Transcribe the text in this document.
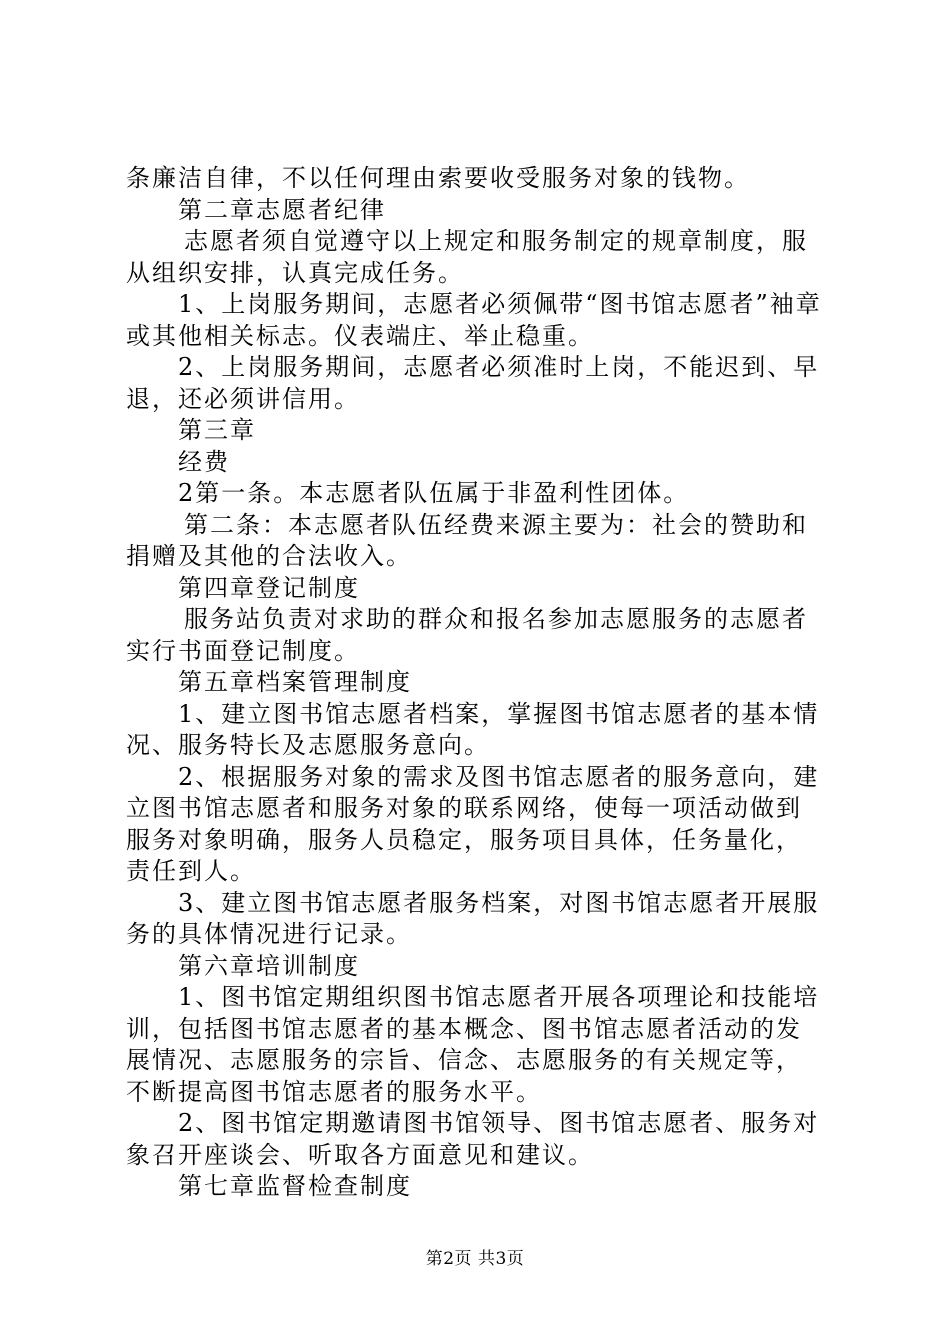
条廉洁自律，不以任何理由索要收受服务对象的钱物。

第二章志愿者纪律

志愿者须自觉遵守以上规定和服务制定的规章制度，服从组织安排，认真完成任务。

1、上岗服务期间，志愿者必须佩带“图书馆志愿者”袖章或其他相关标志。仪表端庄、举止稳重。

2、上岗服务期间，志愿者必须准时上岗，不能迟到、早退，还必须讲信用。

第三章

经费

2第一条。本志愿者队伍属于非盈利性团体。

第二条：本志愿者队伍经费来源主要为：社会的赞助和捐赠及其他的合法收入。

第四章登记制度

服务站负责对求助的群众和报名参加志愿服务的志愿者实行书面登记制度。

第五章档案管理制度

1、建立图书馆志愿者档案，掌握图书馆志愿者的基本情况、服务特长及志愿服务意向。

2、根据服务对象的需求及图书馆志愿者的服务意向，建立图书馆志愿者和服务对象的联系网络，使每一项活动做到服务对象明确，服务人员稳定，服务项目具体，任务量化，责任到人。

3、建立图书馆志愿者服务档案，对图书馆志愿者开展服务的具体情况进行记录。

第六章培训制度

1、图书馆定期组织图书馆志愿者开展各项理论和技能培训，包括图书馆志愿者的基本概念、图书馆志愿者活动的发展情况、志愿服务的宗旨、信念、志愿服务的有关规定等，不断提高图书馆志愿者的服务水平。

2、图书馆定期邀请图书馆领导、图书馆志愿者、服务对象召开座谈会、听取各方面意见和建议。

第七章监督检查制度

第2页 共3页
